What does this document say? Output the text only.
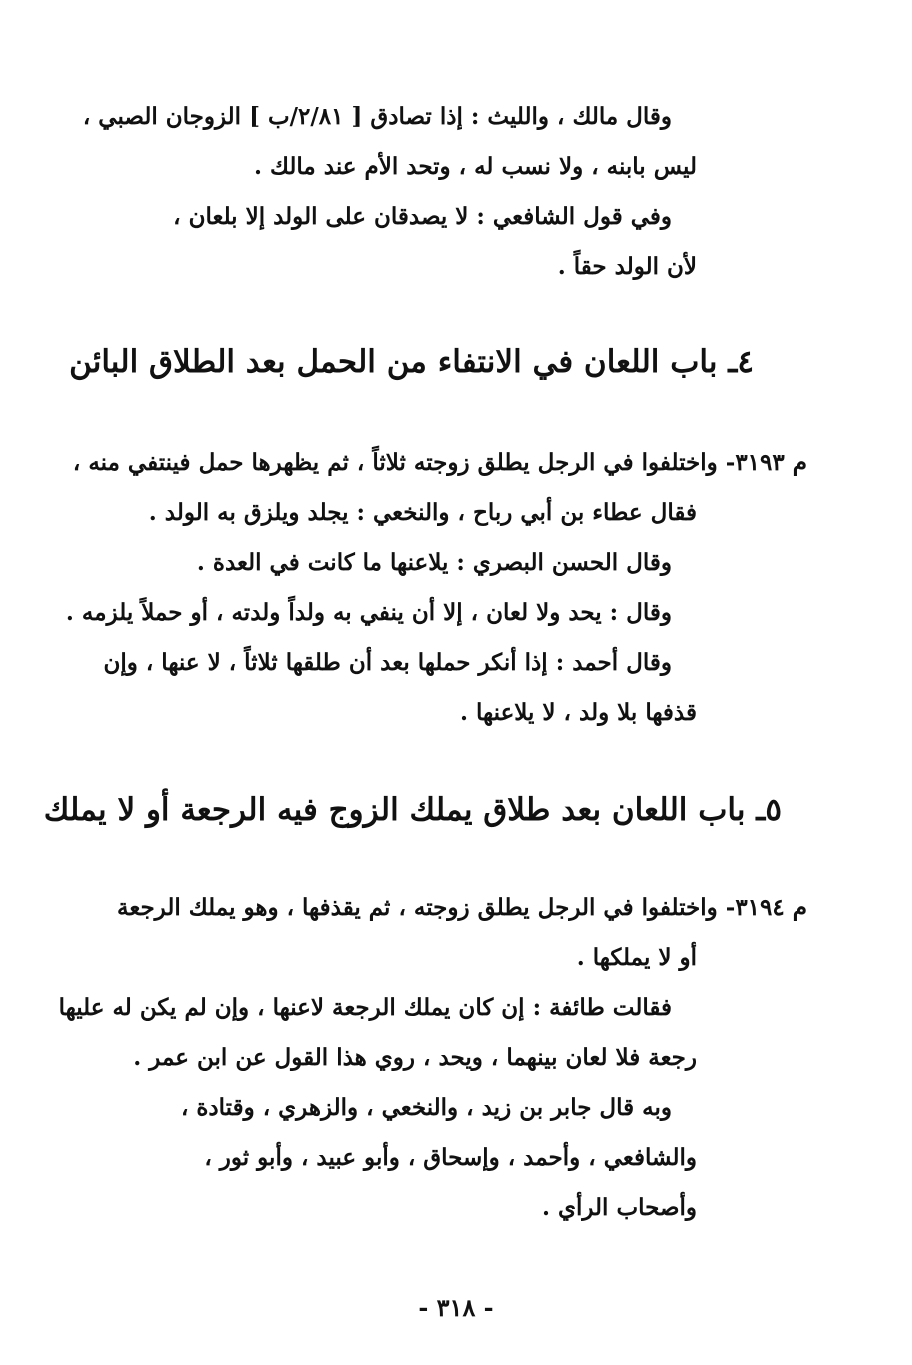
وقال مالك ، والليث : إذا تصادق [ ٢/٨١/ب ] الزوجان الصبي ،
ليس بابنه ، ولا نسب له ، وتحد الأم عند مالك .
وفي قول الشافعي : لا يصدقان على الولد إلا بلعان ،
لأن الولد حقاً .
٤ـ باب اللعان في الانتفاء من الحمل بعد الطلاق البائن
م ٣١٩٣- واختلفوا في الرجل يطلق زوجته ثلاثاً ، ثم يظهرها حمل فينتفي منه ،
فقال عطاء بن أبي رباح ، والنخعي : يجلد ويلزق به الولد .
وقال الحسن البصري : يلاعنها ما كانت في العدة .
وقال : يحد ولا لعان ، إلا أن ينفي به ولداً ولدته ، أو حملاً يلزمه .
وقال أحمد : إذا أنكر حملها بعد أن طلقها ثلاثاً ، لا عنها ، وإن
قذفها بلا ولد ، لا يلاعنها .
٥ـ باب اللعان بعد طلاق يملك الزوج فيه الرجعة أو لا يملك
م ٣١٩٤- واختلفوا في الرجل يطلق زوجته ، ثم يقذفها ، وهو يملك الرجعة
أو لا يملكها .
فقالت طائفة : إن كان يملك الرجعة لاعنها ، وإن لم يكن له عليها
رجعة فلا لعان بينهما ، ويحد ، روي هذا القول عن ابن عمر .
وبه قال جابر بن زيد ، والنخعي ، والزهري ، وقتادة ،
والشافعي ، وأحمد ، وإسحاق ، وأبو عبيد ، وأبو ثور ،
وأصحاب الرأي .
- ٣١٨ -
